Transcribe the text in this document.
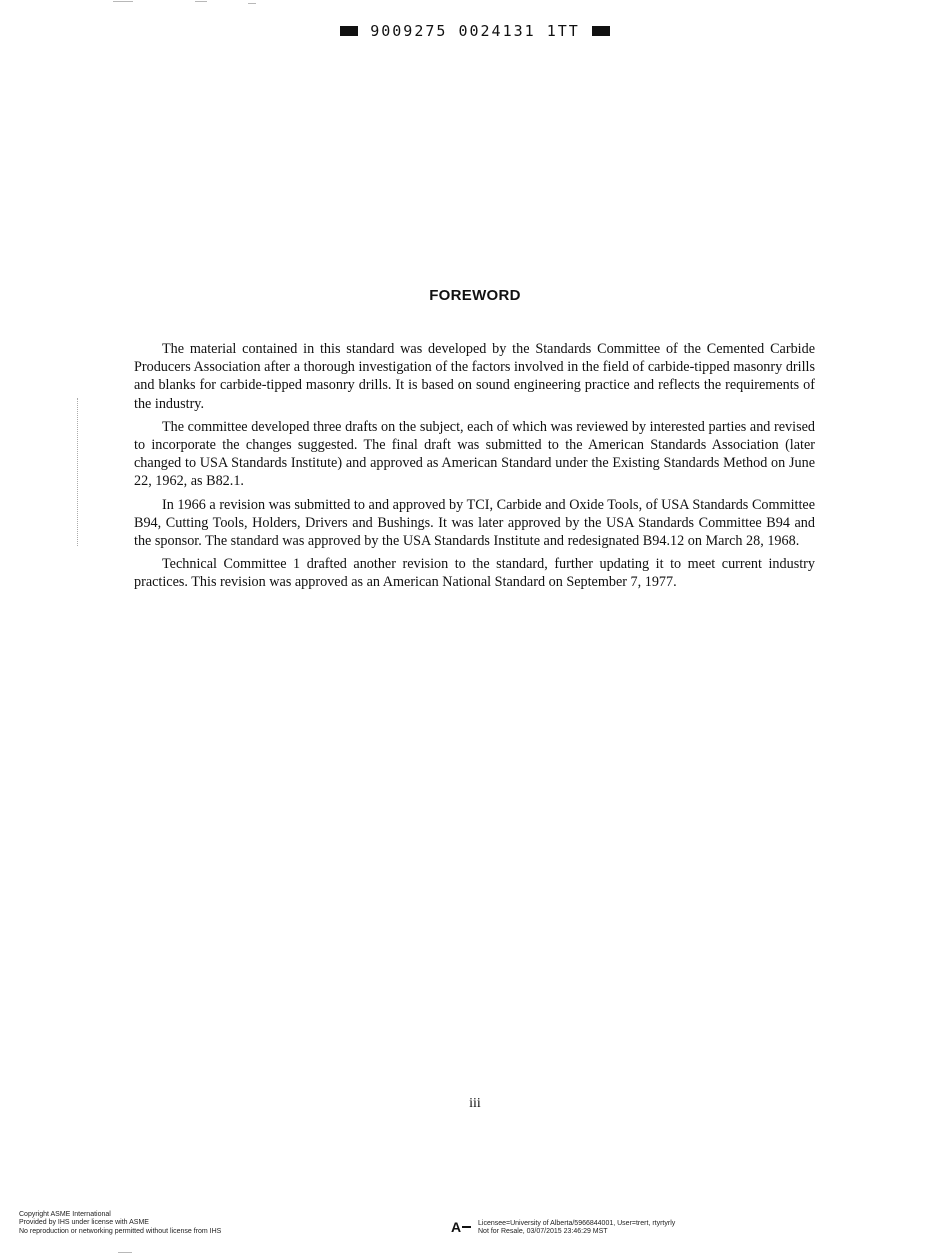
9009275 0024131 1TT
FOREWORD

The material contained in this standard was developed by the Standards Committee of the Cemented Carbide Producers Association after a thorough investigation of the factors involved in the field of carbide-tipped masonry drills and blanks for carbide-tipped masonry drills. It is based on sound engineering practice and reflects the requirements of the industry.

The committee developed three drafts on the subject, each of which was reviewed by interested parties and revised to incorporate the changes suggested. The final draft was submitted to the American Standards Association (later changed to USA Standards Institute) and approved as American Standard under the Existing Standards Method on June 22, 1962, as B82.1.

In 1966 a revision was submitted to and approved by TCI, Carbide and Oxide Tools, of USA Standards Committee B94, Cutting Tools, Holders, Drivers and Bushings. It was later approved by the USA Standards Committee B94 and the sponsor. The standard was approved by the USA Standards Institute and redesignated B94.12 on March 28, 1968.

Technical Committee 1 drafted another revision to the standard, further updating it to meet current industry practices. This revision was approved as an American National Standard on September 7, 1977.

iii
Copyright ASME International
Provided by IHS under license with ASME
No reproduction or networking permitted without license from IHS	A Licensee=University of Alberta/5966844001, User=trert, rtyrtyrly
Not for Resale, 03/07/2015 23:46:29 MST
